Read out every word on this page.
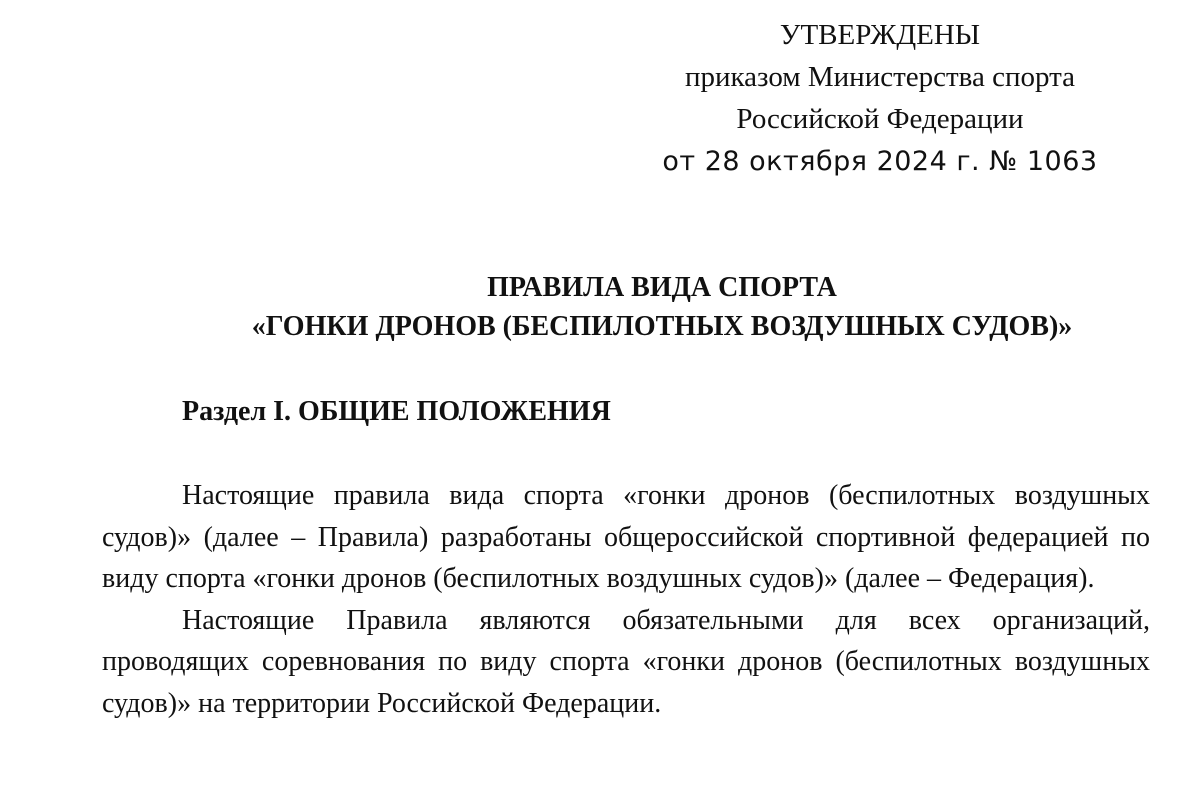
УТВЕРЖДЕНЫ
приказом Министерства спорта
Российской Федерации
от 28 октября 2024 г. № 1063
ПРАВИЛА ВИДА СПОРТА
«ГОНКИ ДРОНОВ (БЕСПИЛОТНЫХ ВОЗДУШНЫХ СУДОВ)»
Раздел I. ОБЩИЕ ПОЛОЖЕНИЯ

Настоящие правила вида спорта «гонки дронов (беспилотных воздушных судов)» (далее – Правила) разработаны общероссийской спортивной федерацией по виду спорта «гонки дронов (беспилотных воздушных судов)» (далее – Федерация).

Настоящие Правила являются обязательными для всех организаций, проводящих соревнования по виду спорта «гонки дронов (беспилотных воздушных судов)» на территории Российской Федерации.
